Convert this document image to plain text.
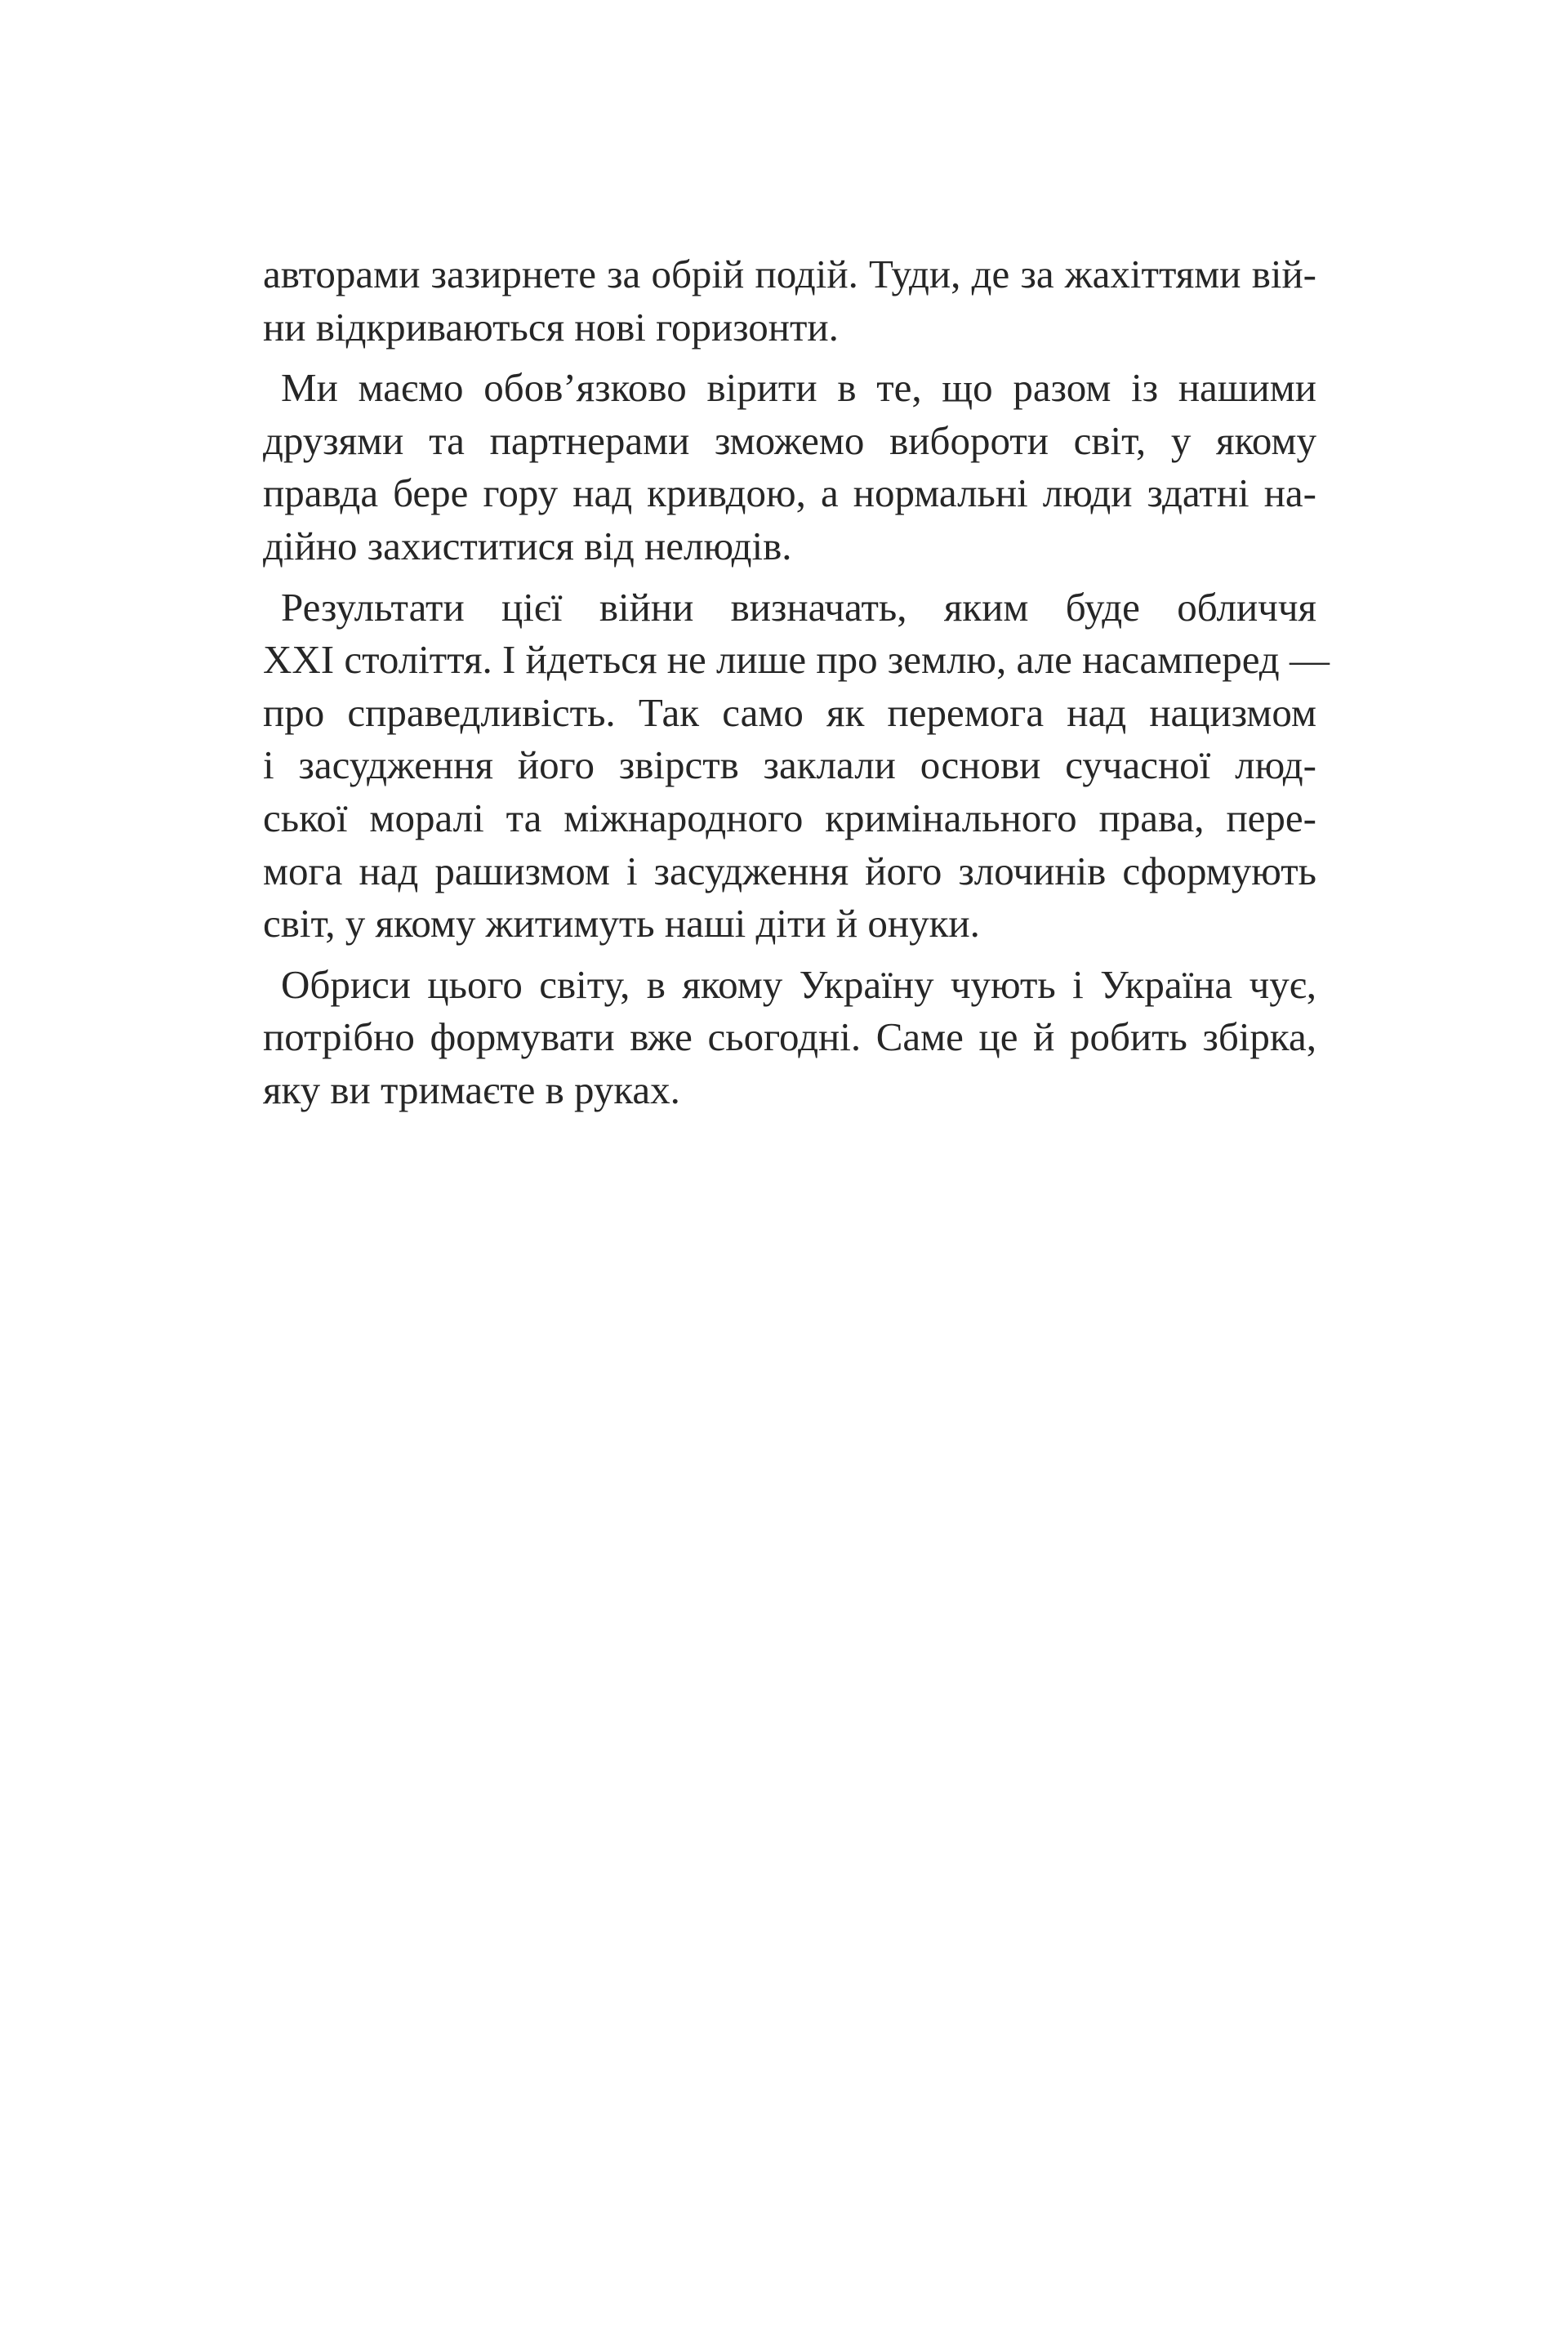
авторами зазирнете за обрій подій. Туди, де за жахіттями вій-
ни відкриваються нові горизонти.
Ми маємо обов’язково вірити в те, що разом із нашими
друзями та партнерами зможемо вибороти світ, у якому
правда бере гору над кривдою, а нормальні люди здатні на-
дійно захиститися від нелюдів.
Результати цієї війни визначать, яким буде обличчя
XXI століття. І йдеться не лише про землю, але насамперед —
про справедливість. Так само як перемога над нацизмом
і засудження його звірств заклали основи сучасної люд-
ської моралі та міжнародного кримінального права, пере-
мога над рашизмом і засудження його злочинів сформують
світ, у якому житимуть наші діти й онуки.
Обриси цього світу, в якому Україну чують і Україна чує,
потрібно формувати вже сьогодні. Саме це й робить збірка,
яку ви тримаєте в руках.
